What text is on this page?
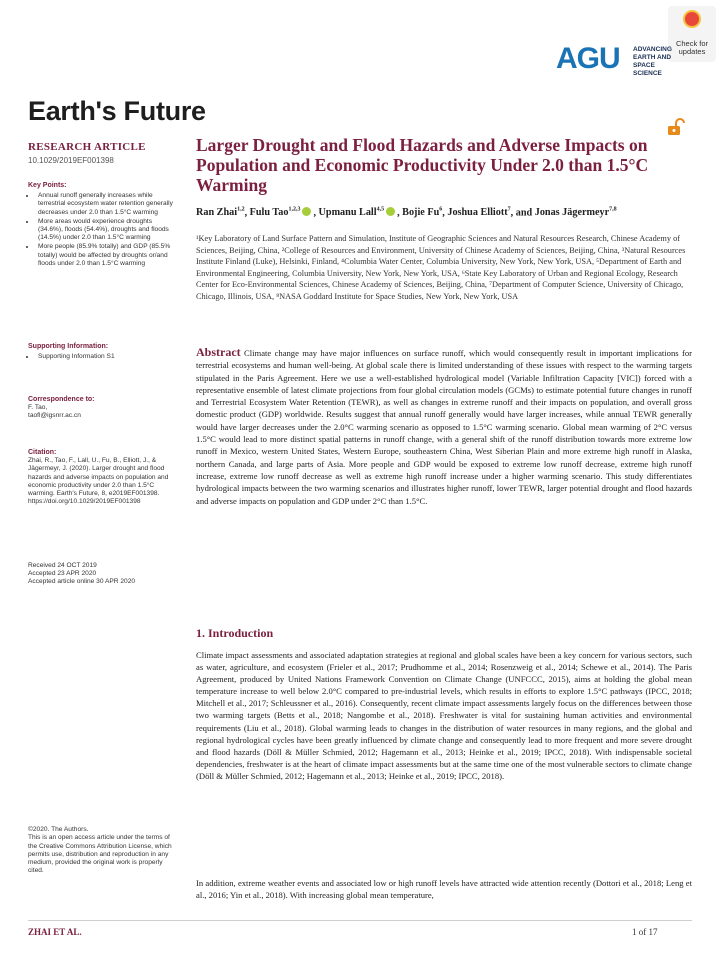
Check for
updates
AGU ADVANCING
EARTH AND
SPACE SCIENCE
Earth's Future
RESEARCH ARTICLE
10.1029/2019EF001398
Key Points:
• Annual runoff generally increases while terrestrial ecosystem water retention generally decreases under 2.0 than 1.5°C warming
• More areas would experience droughts (34.6%), floods (54.4%), droughts and floods (14.5%) under 2.0 than 1.5°C warming
• More people (85.9% totally) and GDP (85.5% totally) would be affected by droughts or/and floods under 2.0 than 1.5°C warming
Supporting Information:
• Supporting Information S1
Correspondence to:
F. Tao,
taofl@igsnrr.ac.cn
Citation:
Zhai, R., Tao, F., Lall, U., Fu, B., Elliott, J., & Jägermeyr, J. (2020). Larger drought and flood hazards and adverse impacts on population and economic productivity under 2.0 than 1.5°C warming. Earth's Future, 8, e2019EF001398. https://doi.org/10.1029/2019EF001398
Received 24 OCT 2019
Accepted 23 APR 2020
Accepted article online 30 APR 2020
©2020. The Authors.
This is an open access article under the terms of the Creative Commons Attribution License, which permits use, distribution and reproduction in any medium, provided the original work is properly cited.
Larger Drought and Flood Hazards and Adverse Impacts on Population and Economic Productivity Under 2.0 than 1.5°C Warming
Ran Zhai$^{1,2}$, Fulu Tao$^{1,2,3}$ , Upmanu Lall$^{4,5}$ , Bojie Fu$^6$, Joshua Elliott$^7$, and Jonas Jägermeyr$^{7,8}$
¹Key Laboratory of Land Surface Pattern and Simulation, Institute of Geographic Sciences and Natural Resources Research, Chinese Academy of Sciences, Beijing, China, ²College of Resources and Environment, University of Chinese Academy of Sciences, Beijing, China, ³Natural Resources Institute Finland (Luke), Helsinki, Finland, ⁴Columbia Water Center, Columbia University, New York, New York, USA, ⁵Department of Earth and Environmental Engineering, Columbia University, New York, New York, USA, ⁶State Key Laboratory of Urban and Regional Ecology, Research Center for Eco-Environmental Sciences, Chinese Academy of Sciences, Beijing, China, ⁷Department of Computer Science, University of Chicago, Chicago, Illinois, USA, ⁸NASA Goddard Institute for Space Studies, New York, New York, USA
Abstract Climate change may have major influences on surface runoff, which would consequently result in important implications for terrestrial ecosystems and human well-being. At global scale there is limited understanding of these issues with respect to the warming targets stipulated in the Paris Agreement. Here we use a well-established hydrological model (Variable Infiltration Capacity [VIC]) forced with a representative ensemble of latest climate projections from four global circulation models (GCMs) to estimate potential future changes in runoff and Terrestrial Ecosystem Water Retention (TEWR), as well as changes in extreme runoff and their impacts on population, and overall gross domestic product (GDP) worldwide. Results suggest that annual runoff generally would have larger increases, while annual TEWR generally would have larger decreases under the 2.0°C warming scenario as opposed to 1.5°C warming scenario. Global mean warming of 2°C versus 1.5°C would lead to more distinct spatial patterns in runoff change, with a general shift of the runoff distribution towards more extreme low runoff in Mexico, western United States, Western Europe, southeastern China, West Siberian Plain and more extreme high runoff in Alaska, northern Canada, and large parts of Asia. More people and GDP would be exposed to extreme low runoff decrease, extreme high runoff increase, extreme low runoff decrease as well as extreme high runoff increase under a higher warming scenario. This study differentiates hydrological impacts between the two warming scenarios and illustrates higher runoff, lower TEWR, larger potential drought and flood hazards and adverse impacts on population and GDP under 2°C than 1.5°C.
1. Introduction
Climate impact assessments and associated adaptation strategies at regional and global scales have been a key concern for various sectors, such as water, agriculture, and ecosystem (Frieler et al., 2017; Prudhomme et al., 2014; Rosenzweig et al., 2014; Schewe et al., 2014). The Paris Agreement, produced by United Nations Framework Convention on Climate Change (UNFCCC, 2015), aims at holding the global mean temperature increase to well below 2.0°C compared to pre-industrial levels, which results in efforts to explore 1.5°C pathways (IPCC, 2018; Mitchell et al., 2017; Schleussner et al., 2016). Consequently, recent climate impact assessments largely focus on the differences between those two warming targets (Betts et al., 2018; Nangombe et al., 2018). Freshwater is vital for sustaining human activities and environmental requirements (Liu et al., 2018). Global warming leads to changes in the distribution of water resources in many regions, and the global and regional hydrological cycles have been greatly influenced by climate change and consequently lead to more frequent and more severe drought and flood hazards (Döll & Müller Schmied, 2012; Hagemann et al., 2013; Heinke et al., 2019; IPCC, 2018). With indispensable societal dependencies, freshwater is at the heart of climate impact assessments but at the same time one of the most vulnerable sectors to climate change (Döll & Müller Schmied, 2012; Hagemann et al., 2013; Heinke et al., 2019; IPCC, 2018).
In addition, extreme weather events and associated low or high runoff levels have attracted wide attention recently (Dottori et al., 2018; Leng et al., 2016; Yin et al., 2018). With increasing global mean temperature,
ZHAI ET AL.	1 of 17
